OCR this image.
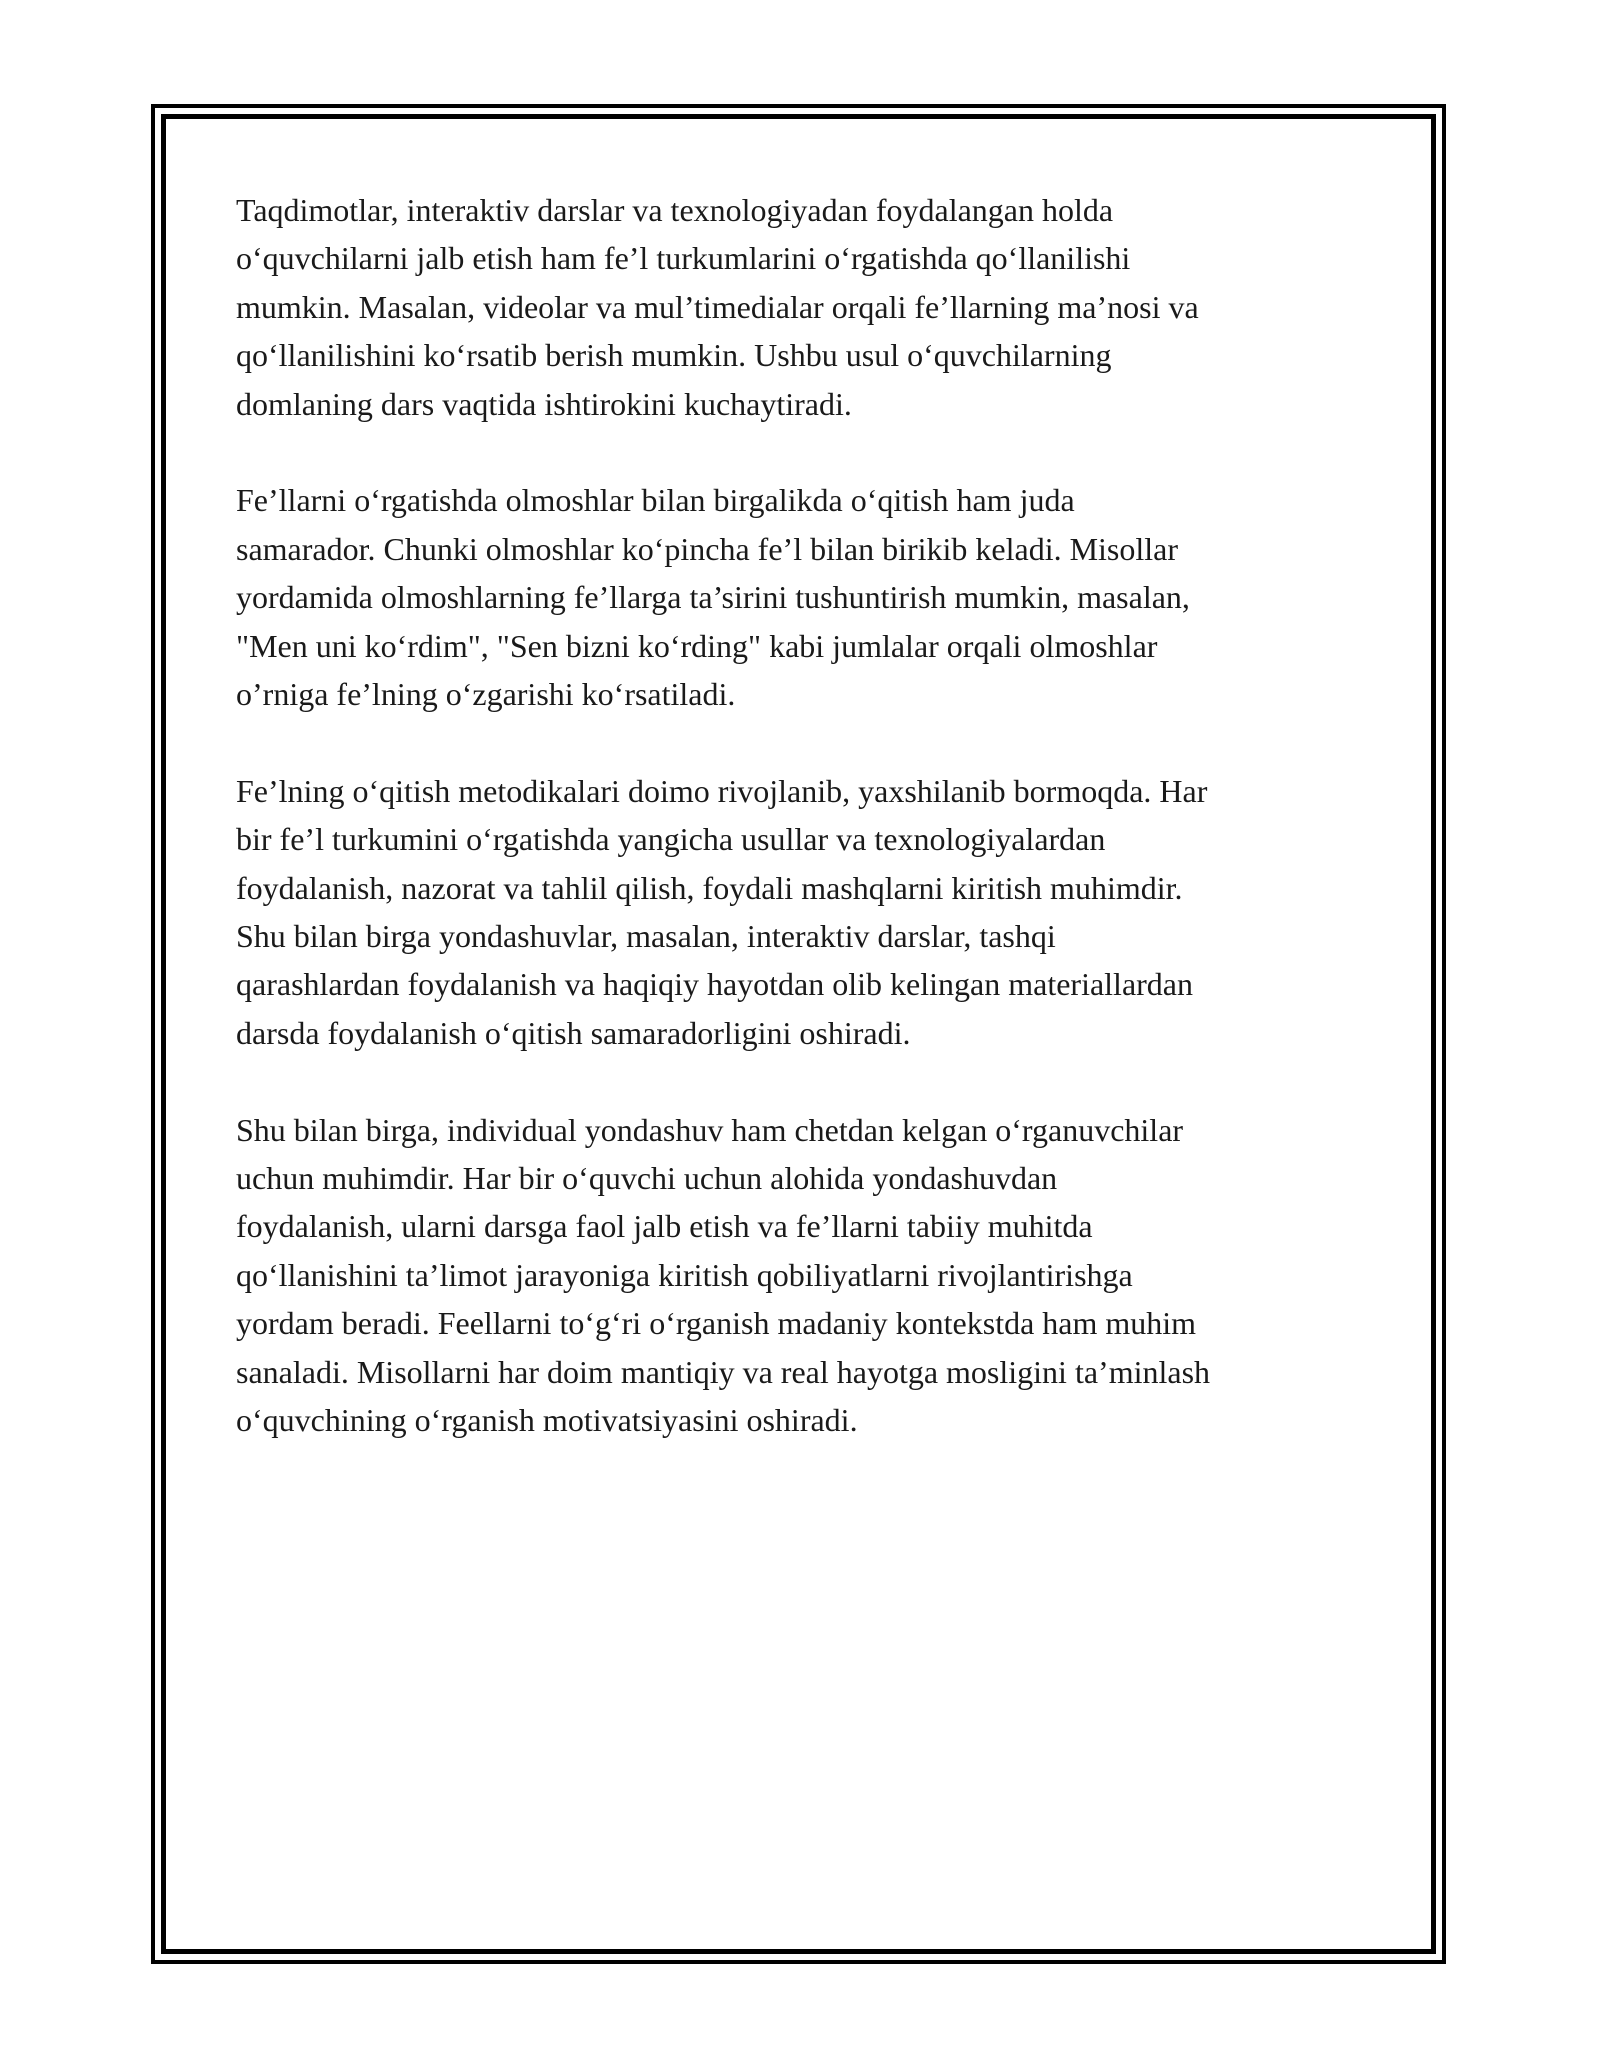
Taqdimotlar, interaktiv darslar va texnologiyadan foydalangan holda
o‘quvchilarni jalb etish ham fe’l turkumlarini o‘rgatishda qo‘llanilishi
mumkin. Masalan, videolar va mul’timedialar orqali fe’llarning ma’nosi va
qo‘llanilishini ko‘rsatib berish mumkin. Ushbu usul o‘quvchilarning
domlaning dars vaqtida ishtirokini kuchaytiradi.

Fe’llarni o‘rgatishda olmoshlar bilan birgalikda o‘qitish ham juda
samarador. Chunki olmoshlar ko‘pincha fe’l bilan birikib keladi. Misollar
yordamida olmoshlarning fe’llarga ta’sirini tushuntirish mumkin, masalan,
"Men uni ko‘rdim", "Sen bizni ko‘rding" kabi jumlalar orqali olmoshlar
o’rniga fe’lning o‘zgarishi ko‘rsatiladi.

Fe’lning o‘qitish metodikalari doimo rivojlanib, yaxshilanib bormoqda. Har
bir fe’l turkumini o‘rgatishda yangicha usullar va texnologiyalardan
foydalanish, nazorat va tahlil qilish, foydali mashqlarni kiritish muhimdir.
Shu bilan birga yondashuvlar, masalan, interaktiv darslar, tashqi
qarashlardan foydalanish va haqiqiy hayotdan olib kelingan materiallardan
darsda foydalanish o‘qitish samaradorligini oshiradi.

Shu bilan birga, individual yondashuv ham chetdan kelgan o‘rganuvchilar
uchun muhimdir. Har bir o‘quvchi uchun alohida yondashuvdan
foydalanish, ularni darsga faol jalb etish va fe’llarni tabiiy muhitda
qo‘llanishini ta’limot jarayoniga kiritish qobiliyatlarni rivojlantirishga
yordam beradi. Feellarni to‘g‘ri o‘rganish madaniy kontekstda ham muhim
sanaladi. Misollarni har doim mantiqiy va real hayotga mosligini ta’minlash
o‘quvchining o‘rganish motivatsiyasini oshiradi.
